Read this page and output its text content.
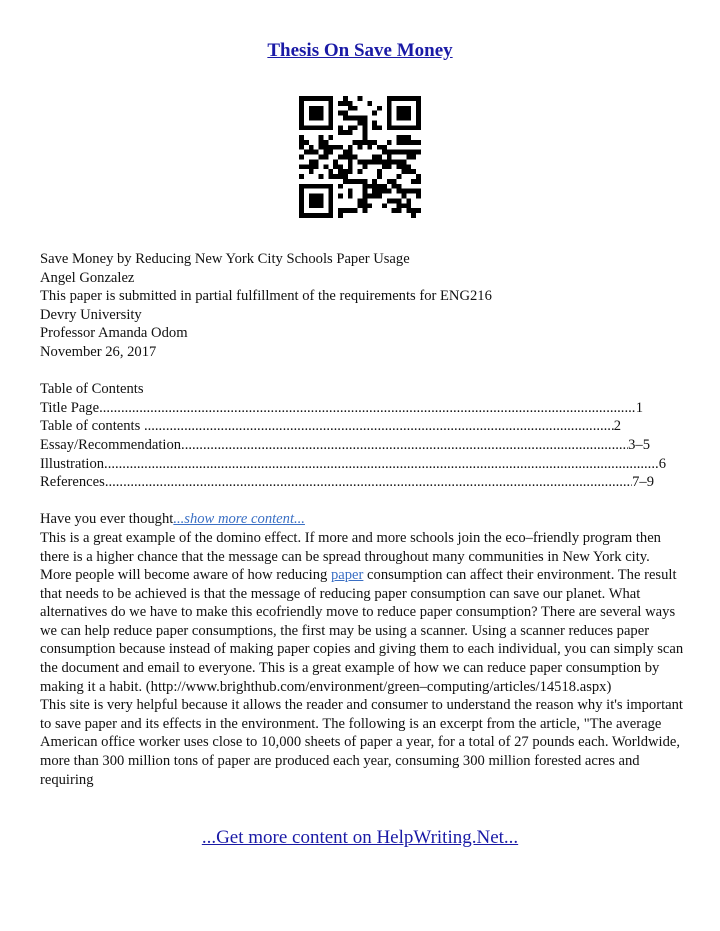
Thesis On Save Money
Save Money by Reducing New York City Schools Paper Usage
Angel Gonzalez
This paper is submitted in partial fulfillment of the requirements for ENG216
Devry University
Professor Amanda Odom
November 26, 2017
Table of Contents
Title Page .....	1
Table of contents .....	2
Essay/Recommendation .....	3–5
Illustration .....	6
References .....	7–9
Have you ever thought...show more content...
This is a great example of the domino effect. If more and more schools join the eco–friendly program then there is a higher chance that the message can be spread throughout many communities in New York city. More people will become aware of how reducing paper consumption can affect their environment. The result that needs to be achieved is that the message of reducing paper consumption can save our planet. What alternatives do we have to make this ecofriendly move to reduce paper consumption? There are several ways we can help reduce paper consumptions, the first may be using a scanner. Using a scanner reduces paper consumption because instead of making paper copies and giving them to each individual, you can simply scan the document and email to everyone. This is a great example of how we can reduce paper consumption by making it a habit. (http://www.brighthub.com/environment/green–computing/articles/14518.aspx)
This site is very helpful because it allows the reader and consumer to understand the reason why it's important to save paper and its effects in the environment. The following is an excerpt from the article, "The average American office worker uses close to 10,000 sheets of paper a year, for a total of 27 pounds each. Worldwide, more than 300 million tons of paper are produced each year, consuming 300 million forested acres and requiring
...Get more content on HelpWriting.Net...
